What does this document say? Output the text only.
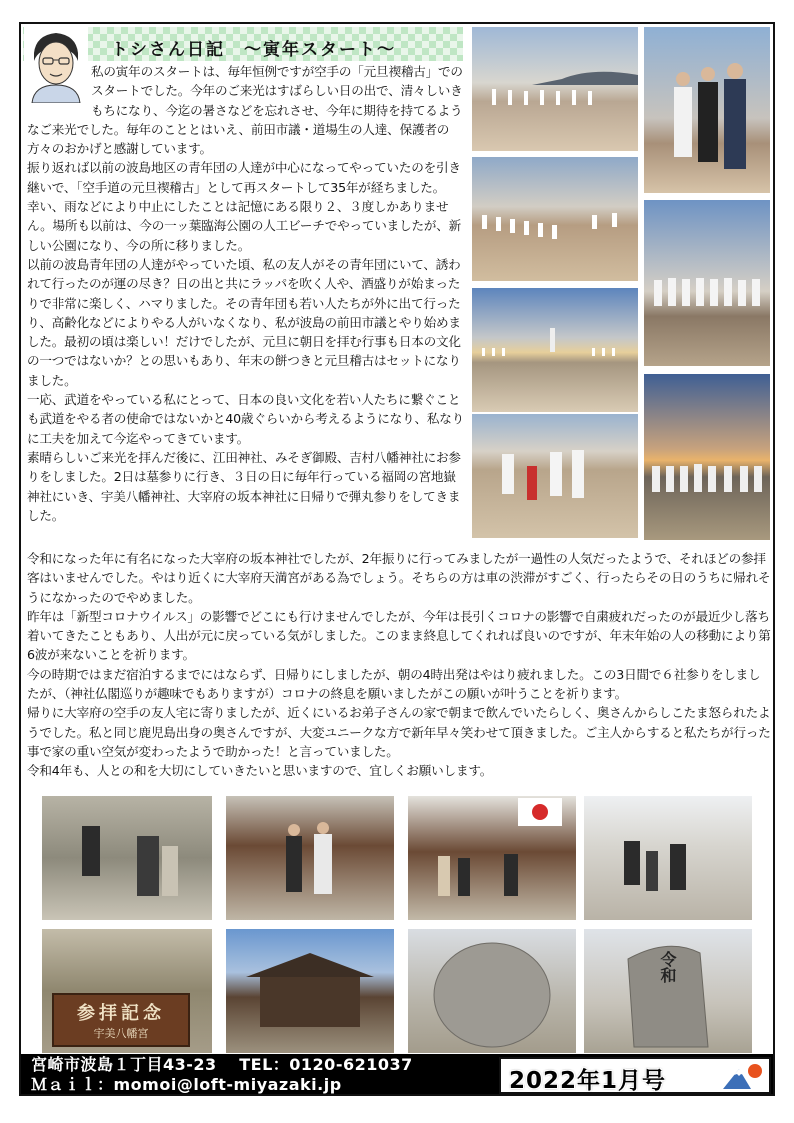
トシさん日記　～寅年スタート～

私の寅年のスタートは、毎年恒例ですが空手の「元旦禊稽古」でのスタートでした。今年のご来光はすばらしい日の出で、清々しいきもちになり、今迄の暑さなどを忘れさせ、今年に期待を持てるようなご来光でした。毎年のこととはいえ、前田市議・道場生の人達、保護者の方々のおかげと感謝しています。

振り返れば以前の波島地区の青年団の人達が中心になってやっていたのを引き継いで、「空手道の元旦禊稽古」として再スタートして35年が経ちました。

幸い、雨などにより中止にしたことは記憶にある限り２、３度しかありません。場所も以前は、今の一ッ葉臨海公園の人工ビーチでやっていましたが、新しい公園になり、今の所に移りました。

以前の波島青年団の人達がやっていた頃、私の友人がその青年団にいて、誘われて行ったのが運の尽き？日の出と共にラッパを吹く人や、酒盛りが始まったりで非常に楽しく、ハマりました。その青年団も若い人たちが外に出て行ったり、高齢化などによりやる人がいなくなり、私が波島の前田市議とやり始めました。最初の頃は楽しい！だけでしたが、元旦に朝日を拝む行事も日本の文化の一つではないか？との思いもあり、年末の餅つきと元旦稽古はセットになりました。

一応、武道をやっている私にとって、日本の良い文化を若い人たちに繋ぐことも武道をやる者の使命ではないかと40歳ぐらいから考えるようになり、私なりに工夫を加えて今迄やってきています。

素晴らしいご来光を拝んだ後に、江田神社、みそぎ御殿、吉村八幡神社にお参りをしました。2日は墓参りに行き、３日の日に毎年行っている福岡の宮地嶽神社にいき、宇美八幡神社、大宰府の坂本神社に日帰りで弾丸参りをしてきました。

令和になった年に有名になった大宰府の坂本神社でしたが、2年振りに行ってみましたが一過性の人気だったようで、それほどの参拝客はいませんでした。やはり近くに大宰府天満宮がある為でしょう。そちらの方は車の渋滞がすごく、行ったらその日のうちに帰れそうになかったのでやめました。

昨年は「新型コロナウイルス」の影響でどこにも行けませんでしたが、今年は長引くコロナの影響で自粛疲れだったのが最近少し落ち着いてきたこともあり、人出が元に戻っている気がしました。このまま終息してくれれば良いのですが、年末年始の人の移動により第6波が来ないことを祈ります。

今の時期ではまだ宿泊するまでにはならず、日帰りにしましたが、朝の4時出発はやはり疲れました。この3日間で６社参りをしましたが、（神社仏閣巡りが趣味でもありますが）コロナの終息を願いましたがこの願いが叶うことを祈ります。

帰りに大宰府の空手の友人宅に寄りましたが、近くにいるお弟子さんの家で朝まで飲んでいたらしく、奥さんからしこたま怒られたようでした。私と同じ鹿児島出身の奥さんですが、大変ユニークな方で新年早々笑わせて頂きました。ご主人からすると私たちが行った事で家の重い空気が変わったようで助かった！と言っていました。

令和4年も、人との和を大切にしていきたいと思いますので、宜しくお願いします。

参拝記念
宇美八幡宮
令和
宮崎市波島１丁目43-23　 TEL：0120-621037
Ｍａｉｌ：momoi@loft-miyazaki.jp	2022年1月号
